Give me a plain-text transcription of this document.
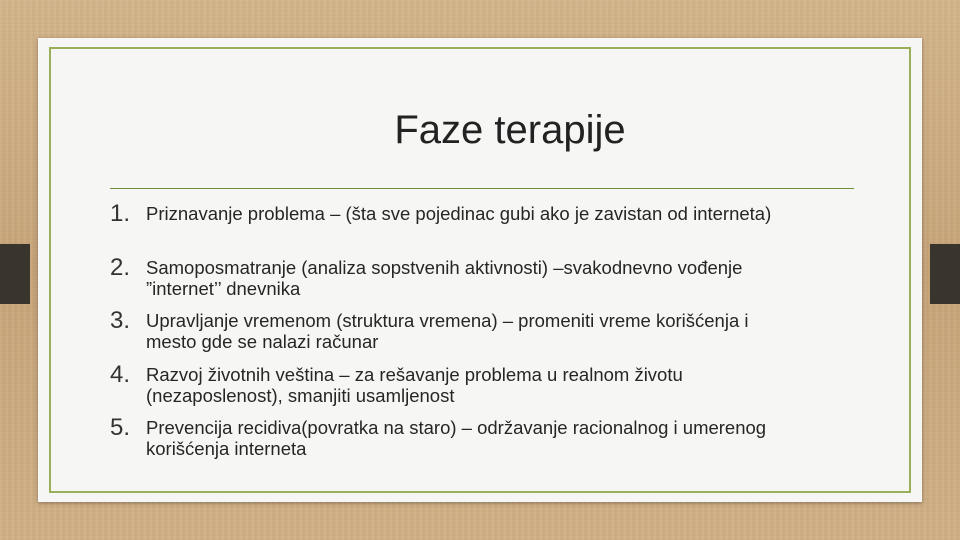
Faze terapije
1. Priznavanje problema – (šta sve pojedinac gubi ako je zavistan od interneta)
2. Samoposmatranje (analiza sopstvenih aktivnosti) –svakodnevno vođenje ”internet’’ dnevnika
3. Upravljanje vremenom (struktura vremena) – promeniti vreme korišćenja i mesto gde se nalazi računar
4. Razvoj životnih veština – za rešavanje problema u realnom životu (nezaposlenost), smanjiti usamljenost
5. Prevencija recidiva(povratka na staro) – održavanje racionalnog i umerenog korišćenja interneta
